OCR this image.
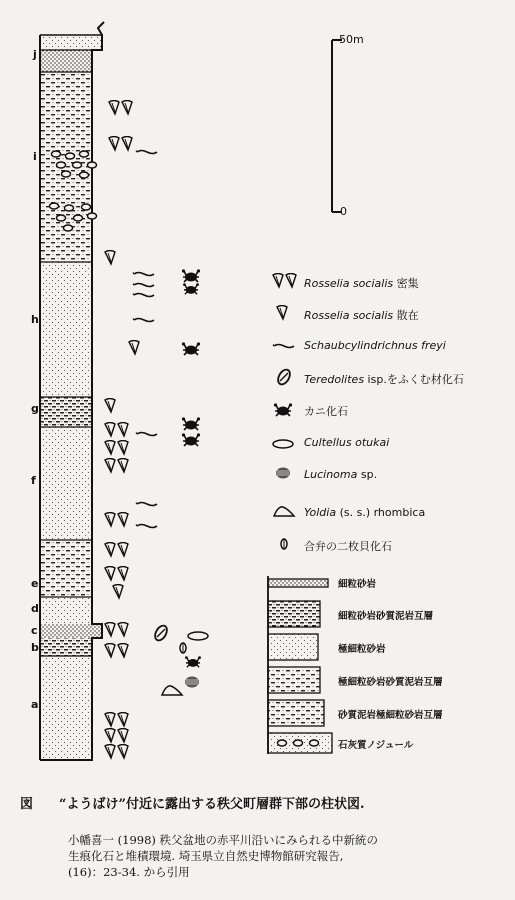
j
i
h
g
f
e
d
c
b
a
50m
0
Rosselia socialis 密集
Rosselia socialis 散在
Schaubcylindrichnus freyi
Teredolites isp.をふくむ材化石
カニ化石
Cultellus otukai
Lucinoma sp.
Yoldia (s. s.) rhombica
合弁の二枚貝化石
細粒砂岩
細粒砂岩砂質泥岩互層
極細粒砂岩
極細粒砂岩砂質泥岩互層
砂質泥岩極細粒砂岩互層
石灰質ノジュール
図　　“ようばけ”付近に露出する秩父町層群下部の柱状図.
小幡喜一 (1998) 秩父盆地の赤平川沿いにみられる中新統の
生痕化石と堆積環境. 埼玉県立自然史博物館研究報告,
(16)：23-34. から引用
